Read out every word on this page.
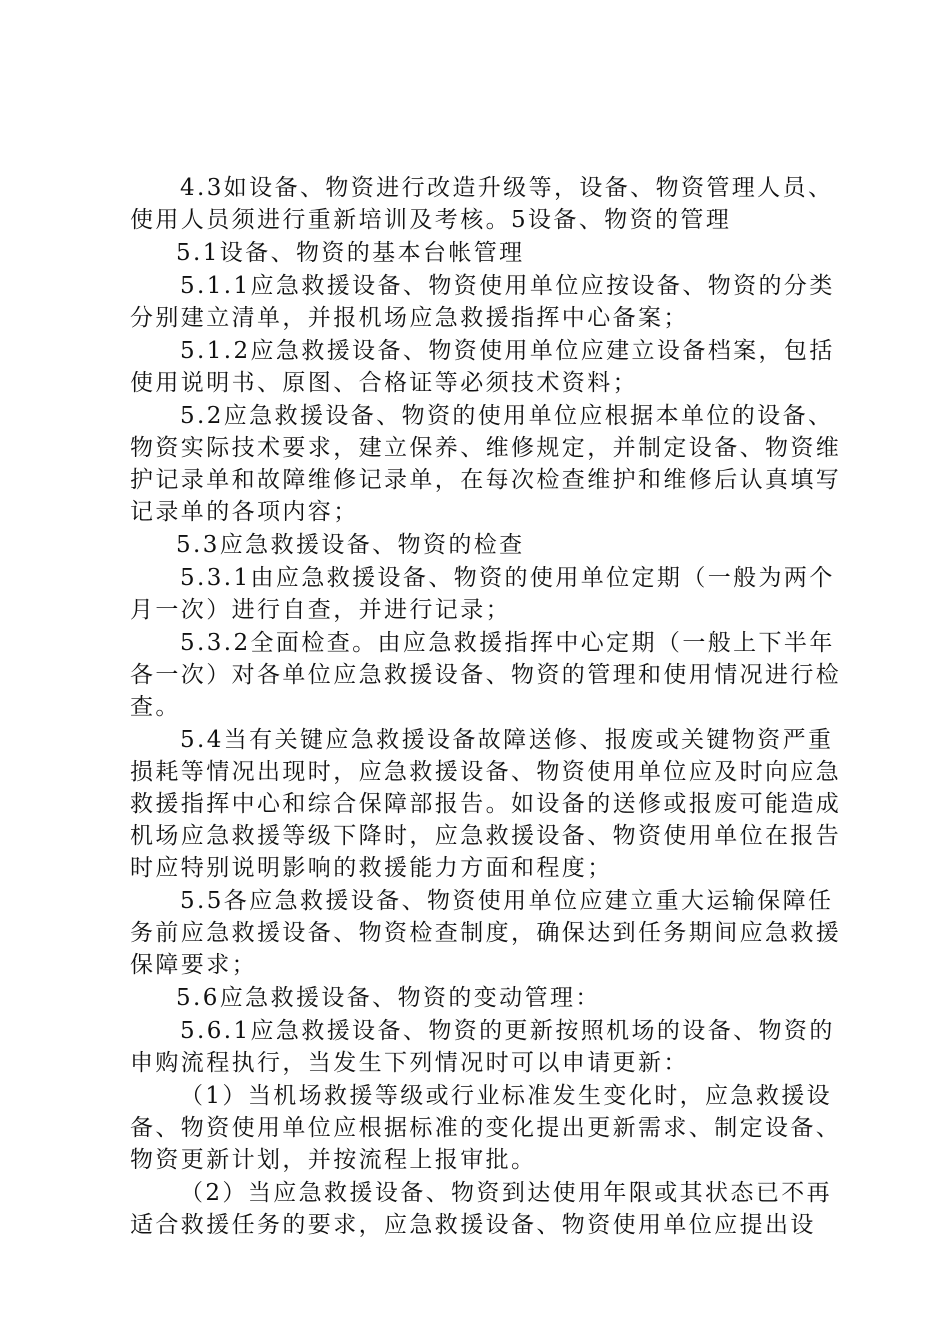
4.3如设备、物资进行改造升级等，设备、物资管理人员、使用人员须进行重新培训及考核。5设备、物资的管理

5.1设备、物资的基本台帐管理

5.1.1应急救援设备、物资使用单位应按设备、物资的分类分别建立清单，并报机场应急救援指挥中心备案；

5.1.2应急救援设备、物资使用单位应建立设备档案，包括使用说明书、原图、合格证等必须技术资料；

5.2应急救援设备、物资的使用单位应根据本单位的设备、物资实际技术要求，建立保养、维修规定，并制定设备、物资维护记录单和故障维修记录单，在每次检查维护和维修后认真填写记录单的各项内容；

5.3应急救援设备、物资的检查

5.3.1由应急救援设备、物资的使用单位定期（一般为两个月一次）进行自查，并进行记录；

5.3.2全面检查。由应急救援指挥中心定期（一般上下半年各一次）对各单位应急救援设备、物资的管理和使用情况进行检查。

5.4当有关键应急救援设备故障送修、报废或关键物资严重损耗等情况出现时，应急救援设备、物资使用单位应及时向应急救援指挥中心和综合保障部报告。如设备的送修或报废可能造成机场应急救援等级下降时，应急救援设备、物资使用单位在报告时应特别说明影响的救援能力方面和程度；

5.5各应急救援设备、物资使用单位应建立重大运输保障任务前应急救援设备、物资检查制度，确保达到任务期间应急救援保障要求；

5.6应急救援设备、物资的变动管理：

5.6.1应急救援设备、物资的更新按照机场的设备、物资的申购流程执行，当发生下列情况时可以申请更新：

（1）当机场救援等级或行业标准发生变化时，应急救援设备、物资使用单位应根据标准的变化提出更新需求、制定设备、物资更新计划，并按流程上报审批。

（2）当应急救援设备、物资到达使用年限或其状态已不再适合救援任务的要求，应急救援设备、物资使用单位应提出设
